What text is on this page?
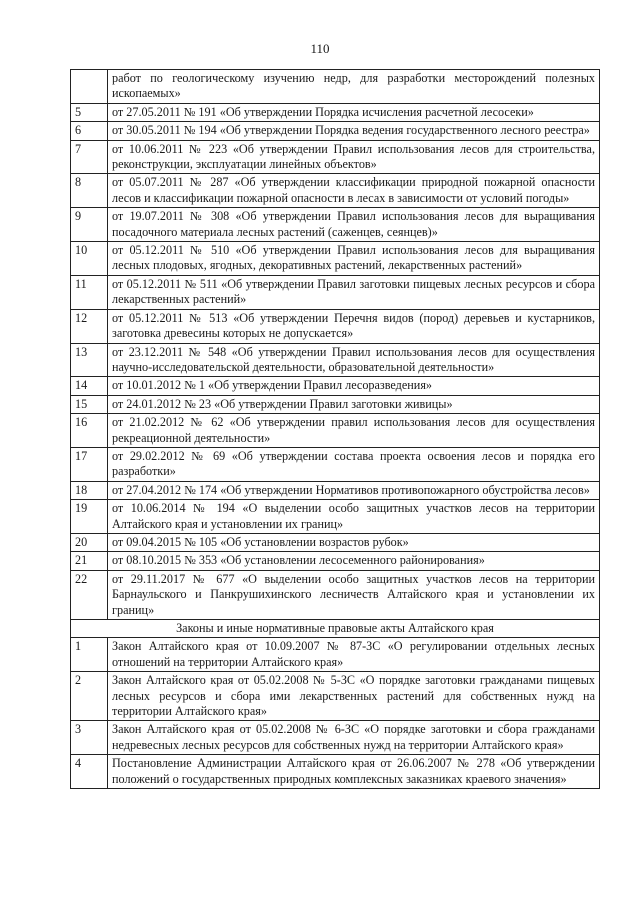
110
	работ по геологическому изучению недр, для разработки месторождений полезных ископаемых»
5	от 27.05.2011 № 191 «Об утверждении Порядка исчисления расчетной лесосеки»
6	от 30.05.2011 № 194 «Об утверждении Порядка ведения государственного лесного реестра»
7	от 10.06.2011 № 223 «Об утверждении Правил использования лесов для строительства, реконструкции, эксплуатации линейных объектов»
8	от 05.07.2011 № 287 «Об утверждении классификации природной пожарной опасности лесов и классификации пожарной опасности в лесах в зависимости от условий погоды»
9	от 19.07.2011 № 308 «Об утверждении Правил использования лесов для выращивания посадочного материала лесных растений (саженцев, сеянцев)»
10	от 05.12.2011 № 510 «Об утверждении Правил использования лесов для выращивания лесных плодовых, ягодных, декоративных растений, лекарственных растений»
11	от 05.12.2011 № 511 «Об утверждении Правил заготовки пищевых лесных ресурсов и сбора лекарственных растений»
12	от 05.12.2011 № 513 «Об утверждении Перечня видов (пород) деревьев и кустарников, заготовка древесины которых не допускается»
13	от 23.12.2011 № 548 «Об утверждении Правил использования лесов для осуществления научно-исследовательской деятельности, образовательной деятельности»
14	от 10.01.2012 № 1 «Об утверждении Правил лесоразведения»
15	от 24.01.2012 № 23 «Об утверждении Правил заготовки живицы»
16	от 21.02.2012 № 62 «Об утверждении правил использования лесов для осуществления рекреационной деятельности»
17	от 29.02.2012 № 69 «Об утверждении состава проекта освоения лесов и порядка его разработки»
18	от 27.04.2012 № 174 «Об утверждении Нормативов противопожарного обустройства лесов»
19	от 10.06.2014 № 194 «О выделении особо защитных участков лесов на территории Алтайского края и установлении их границ»
20	от 09.04.2015 № 105 «Об установлении возрастов рубок»
21	от 08.10.2015 № 353 «Об установлении лесосеменного районирования»
22	от 29.11.2017 № 677 «О выделении особо защитных участков лесов на территории Барнаульского и Панкрушихинского лесничеств Алтайского края и установлении их границ»
Законы и иные нормативные правовые акты Алтайского края	
1	Закон Алтайского края от 10.09.2007 № 87-ЗС «О регулировании отдельных лесных отношений на территории Алтайского края»
2	Закон Алтайского края от 05.02.2008 № 5-ЗС «О порядке заготовки гражданами пищевых лесных ресурсов и сбора ими лекарственных растений для собственных нужд на территории Алтайского края»
3	Закон Алтайского края от 05.02.2008 № 6-ЗС «О порядке заготовки и сбора гражданами недревесных лесных ресурсов для собственных нужд на территории Алтайского края»
4	Постановление Администрации Алтайского края от 26.06.2007 № 278 «Об утверждении положений о государственных природных комплексных заказниках краевого значения»
